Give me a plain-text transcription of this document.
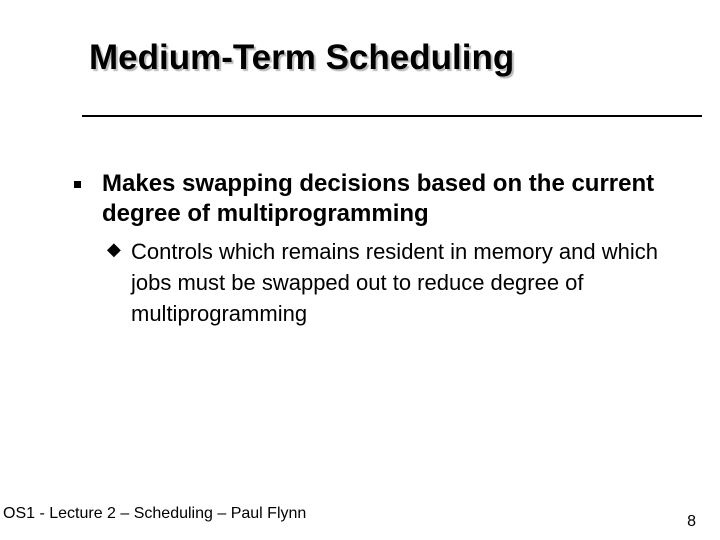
Medium-Term Scheduling
Makes swapping decisions based on the current degree of multiprogramming
◆ Controls which remains resident in memory and which jobs must be swapped out to reduce degree of multiprogramming
OS1 - Lecture 2 – Scheduling – Paul Flynn	8
